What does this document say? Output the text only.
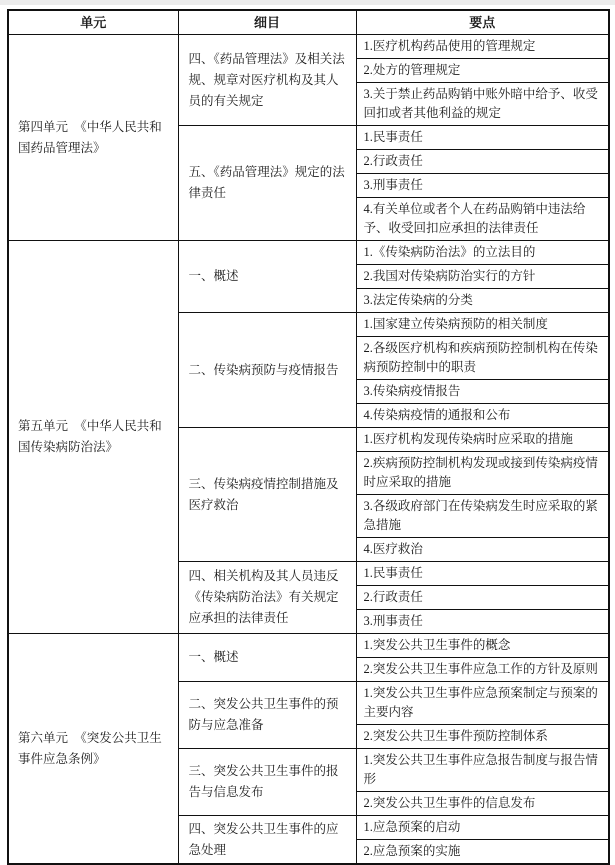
单元	细目	要点
第四单元　《中华人民共和国药品管理法》	四、《药品管理法》及相关法规、规章对医疗机构及其人员的有关规定	1.医疗机构药品使用的管理规定
		2.处方的管理规定
		3.关于禁止药品购销中账外暗中给予、收受回扣或者其他利益的规定
	五、《药品管理法》规定的法律责任	1.民事责任
		2.行政责任
		3.刑事责任
		4.有关单位或者个人在药品购销中违法给予、收受回扣应承担的法律责任
第五单元　《中华人民共和国传染病防治法》	一、概述	1.《传染病防治法》的立法目的
		2.我国对传染病防治实行的方针
		3.法定传染病的分类
	二、传染病预防与疫情报告	1.国家建立传染病预防的相关制度
		2.各级医疗机构和疾病预防控制机构在传染病预防控制中的职责
		3.传染病疫情报告
		4.传染病疫情的通报和公布
	三、传染病疫情控制措施及医疗救治	1.医疗机构发现传染病时应采取的措施
		2.疾病预防控制机构发现或接到传染病疫情时应采取的措施
		3.各级政府部门在传染病发生时应采取的紧急措施
		4.医疗救治
	四、相关机构及其人员违反《传染病防治法》有关规定应承担的法律责任	1.民事责任
		2.行政责任
		3.刑事责任
第六单元　《突发公共卫生事件应急条例》	一、概述	1.突发公共卫生事件的概念
		2.突发公共卫生事件应急工作的方针及原则
	二、突发公共卫生事件的预防与应急准备	1.突发公共卫生事件应急预案制定与预案的主要内容
		2.突发公共卫生事件预防控制体系
	三、突发公共卫生事件的报告与信息发布	1.突发公共卫生事件应急报告制度与报告情形
		2.突发公共卫生事件的信息发布
	四、突发公共卫生事件的应急处理	1.应急预案的启动
		2.应急预案的实施
